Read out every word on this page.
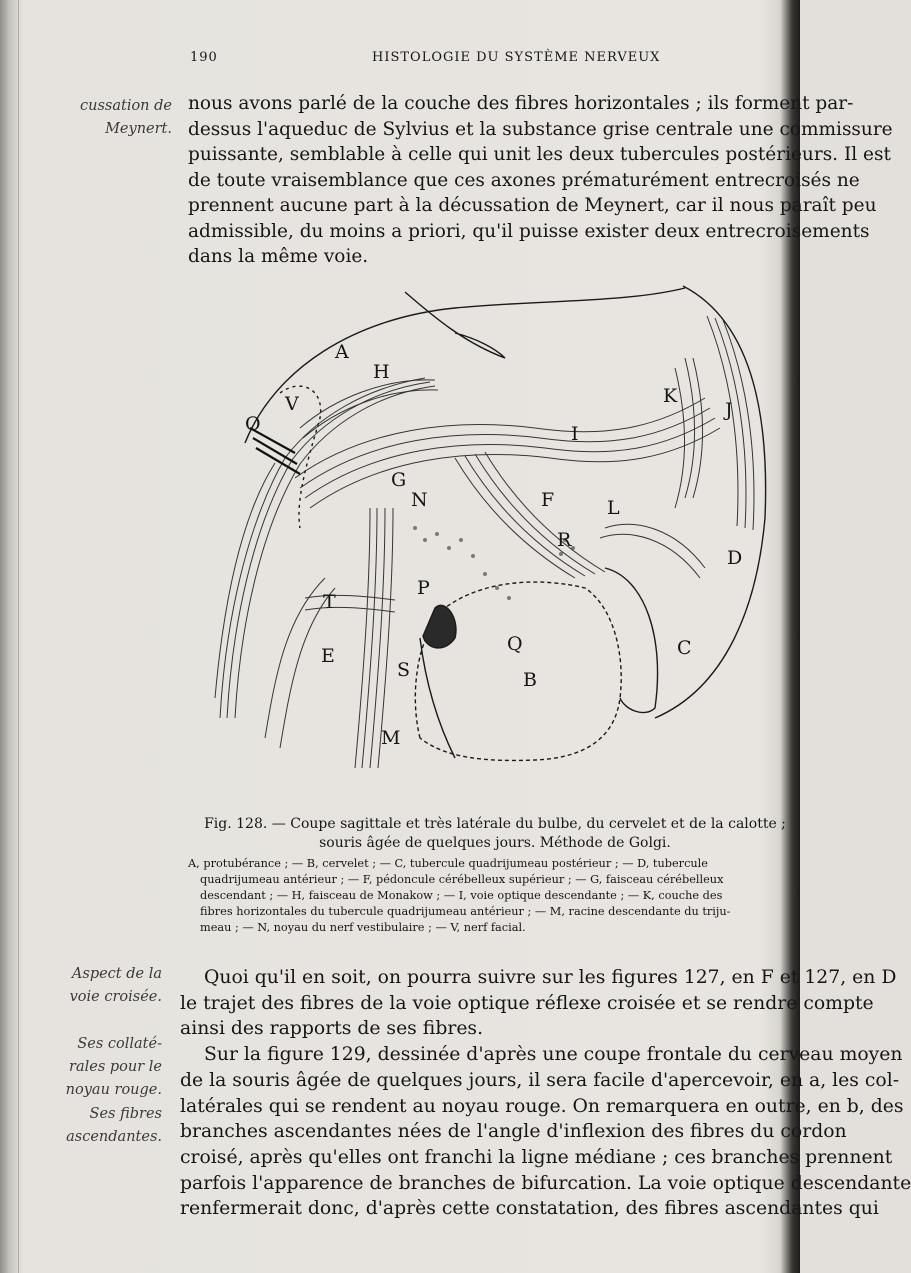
190	HISTOLOGIE DU SYSTÈME NERVEUX
cussation de
Meynert.
nous avons parlé de la couche des fibres horizontales ; ils forment par-
dessus l'aqueduc de Sylvius et la substance grise centrale une commissure
puissante, semblable à celle qui unit les deux tubercules postérieurs. Il est
de toute vraisemblance que ces axones prématurément entrecroisés ne
prennent aucune part à la décussation de Meynert, car il nous paraît peu
admissible, du moins a priori, qu'il puisse exister deux entrecroisements
dans la même voie.
A
H
V
O
K
J
I
G
N	F	L
R
D
T
P
Q
E
S	B
C
M
Fig. 128. — Coupe sagittale et très latérale du bulbe, du cervelet et de la calotte ; souris âgée de quelques jours. Méthode de Golgi.
A, protubérance ; — B, cervelet ; — C, tubercule quadrijumeau postérieur ; — D, tubercule
quadrijumeau antérieur ; — F, pédoncule cérébelleux supérieur ; — G, faisceau cérébelleux
descendant ; — H, faisceau de Monakow ; — I, voie optique descendante ; — K, couche des
fibres horizontales du tubercule quadrijumeau antérieur ; — M, racine descendante du triju-
meau ; — N, noyau du nerf vestibulaire ; — V, nerf facial.
Aspect de la
voie croisée.
Ses collaté-
rales pour le
noyau rouge.
Ses fibres
ascendantes.
Quoi qu'il en soit, on pourra suivre sur les figures 127, en F et 127, en D
le trajet des fibres de la voie optique réflexe croisée et se rendre compte
ainsi des rapports de ses fibres.
Sur la figure 129, dessinée d'après une coupe frontale du cerveau moyen
de la souris âgée de quelques jours, il sera facile d'apercevoir, en a, les col-
latérales qui se rendent au noyau rouge. On remarquera en outre, en b, des
branches ascendantes nées de l'angle d'inflexion des fibres du cordon
croisé, après qu'elles ont franchi la ligne médiane ; ces branches prennent
parfois l'apparence de branches de bifurcation. La voie optique descendante
renfermerait donc, d'après cette constatation, des fibres ascendantes qui
